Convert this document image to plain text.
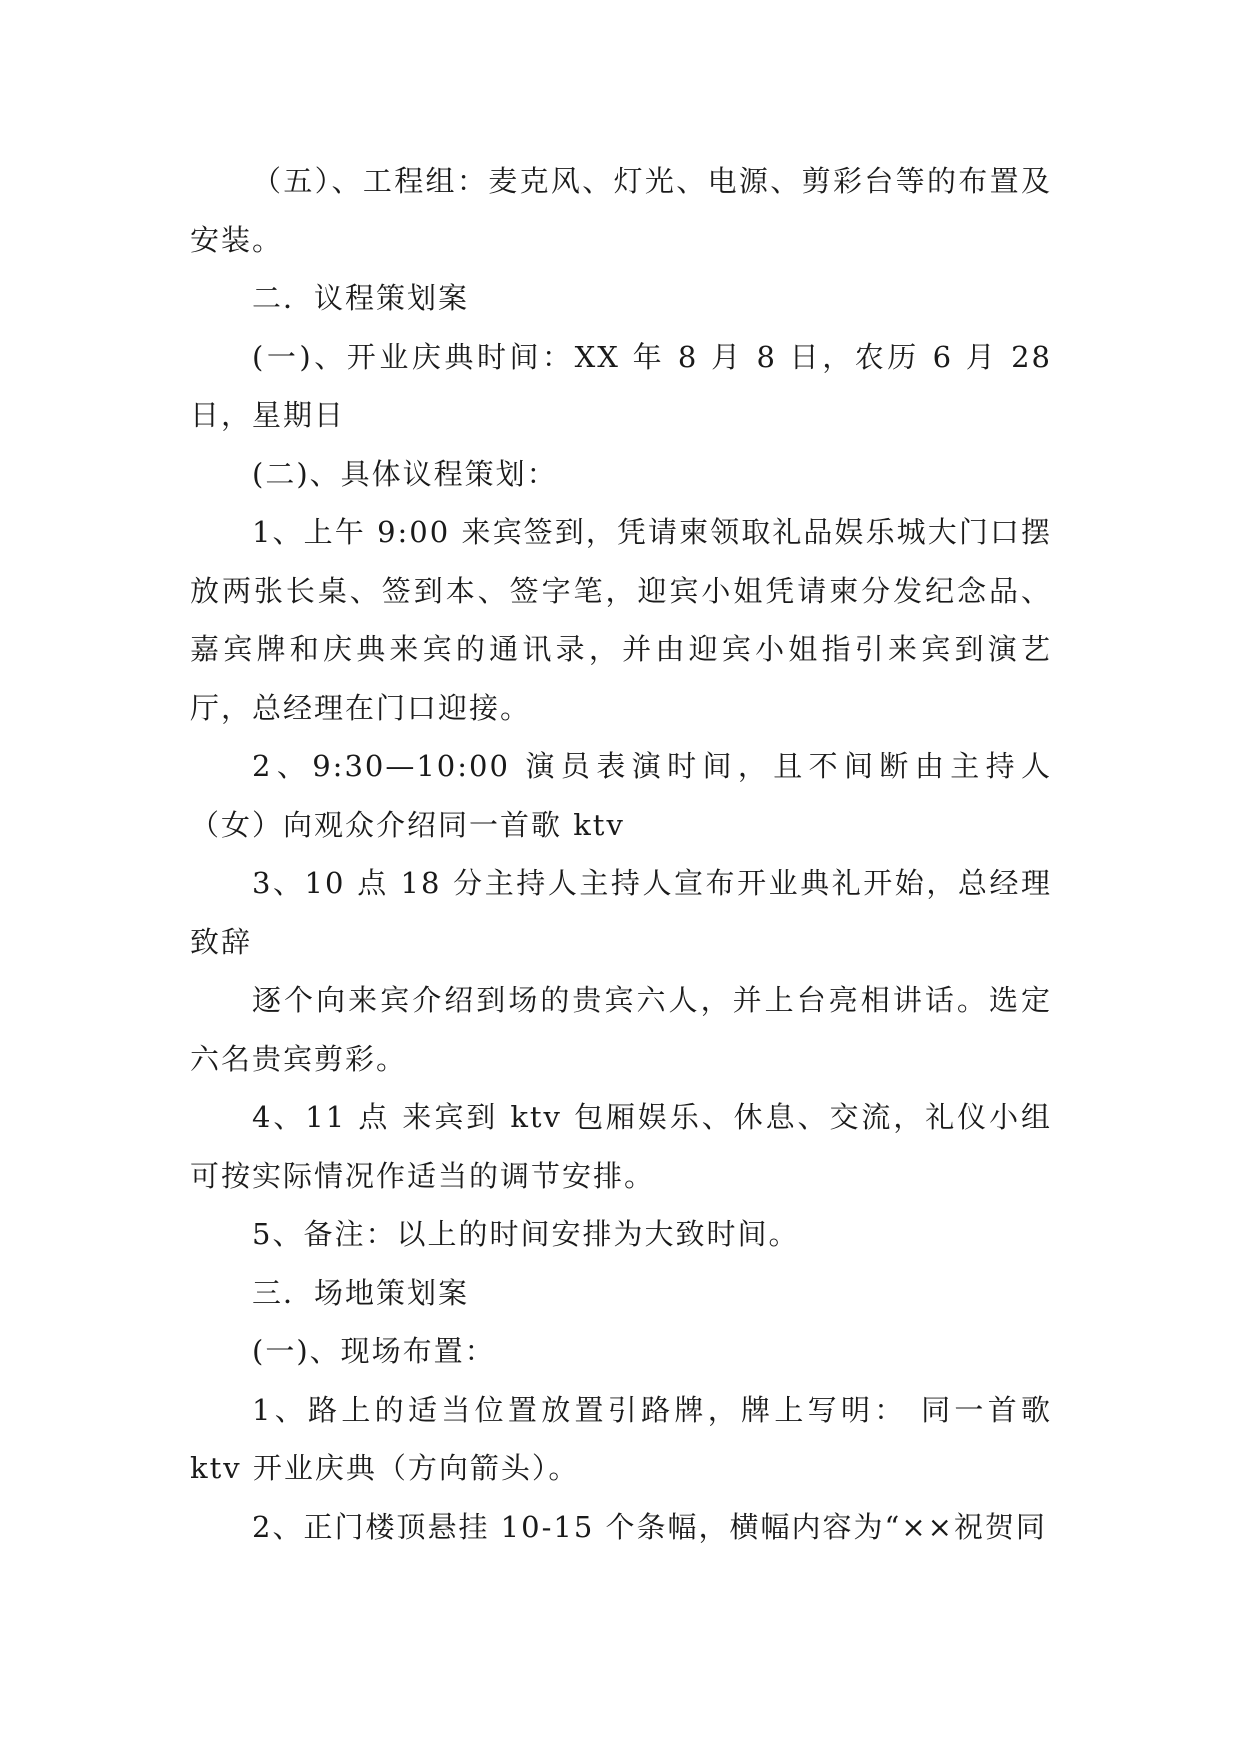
（五）、工程组：麦克风、灯光、电源、剪彩台等的布置及安装。

二．议程策划案

(一)、开业庆典时间：XX 年 8 月 8 日，农历 6 月 28 日，星期日

(二)、具体议程策划：

1、上午 9:00 来宾签到，凭请柬领取礼品娱乐城大门口摆放两张长桌、签到本、签字笔，迎宾小姐凭请柬分发纪念品、嘉宾牌和庆典来宾的通讯录，并由迎宾小姐指引来宾到演艺厅，总经理在门口迎接。

2、9:30—10:00 演员表演时间，且不间断由主持人（女）向观众介绍同一首歌 ktv

3、10 点 18 分主持人主持人宣布开业典礼开始，总经理致辞

逐个向来宾介绍到场的贵宾六人，并上台亮相讲话。选定六名贵宾剪彩。

4、11 点 来宾到 ktv 包厢娱乐、休息、交流，礼仪小组可按实际情况作适当的调节安排。

5、备注：以上的时间安排为大致时间。

三．场地策划案

(一)、现场布置：

1、路上的适当位置放置引路牌，牌上写明： 同一首歌 ktv 开业庆典（方向箭头）。

2、正门楼顶悬挂 10-15 个条幅，横幅内容为“××祝贺同
